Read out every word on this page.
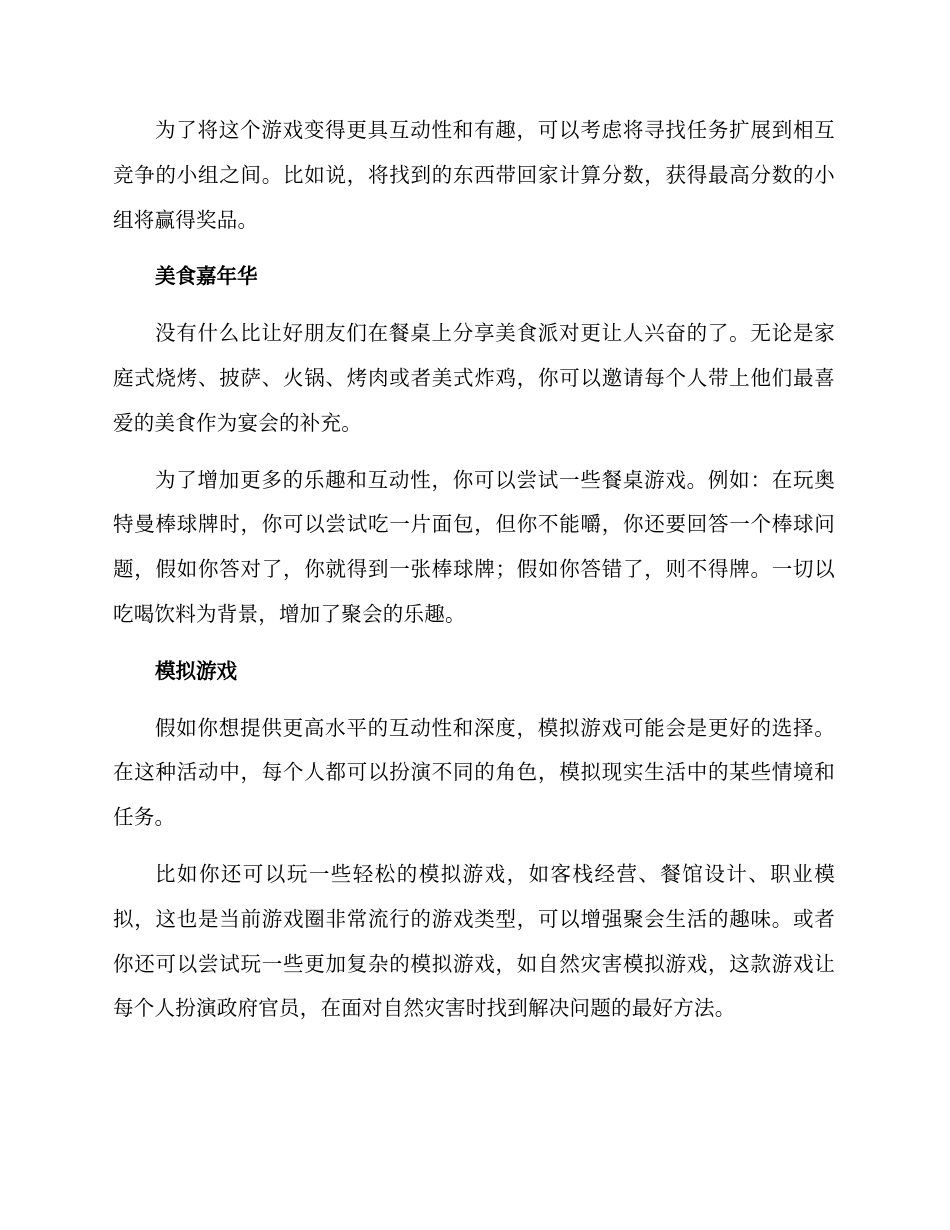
为了将这个游戏变得更具互动性和有趣，可以考虑将寻找任务扩展到相互竞争的小组之间。比如说，将找到的东西带回家计算分数，获得最高分数的小组将赢得奖品。

美食嘉年华

没有什么比让好朋友们在餐桌上分享美食派对更让人兴奋的了。无论是家庭式烧烤、披萨、火锅、烤肉或者美式炸鸡，你可以邀请每个人带上他们最喜爱的美食作为宴会的补充。

为了增加更多的乐趣和互动性，你可以尝试一些餐桌游戏。例如：在玩奥特曼棒球牌时，你可以尝试吃一片面包，但你不能嚼，你还要回答一个棒球问题，假如你答对了，你就得到一张棒球牌；假如你答错了，则不得牌。一切以吃喝饮料为背景，增加了聚会的乐趣。

模拟游戏

假如你想提供更高水平的互动性和深度，模拟游戏可能会是更好的选择。在这种活动中，每个人都可以扮演不同的角色，模拟现实生活中的某些情境和任务。

比如你还可以玩一些轻松的模拟游戏，如客栈经营、餐馆设计、职业模拟，这也是当前游戏圈非常流行的游戏类型，可以增强聚会生活的趣味。或者你还可以尝试玩一些更加复杂的模拟游戏，如自然灾害模拟游戏，这款游戏让每个人扮演政府官员，在面对自然灾害时找到解决问题的最好方法。
